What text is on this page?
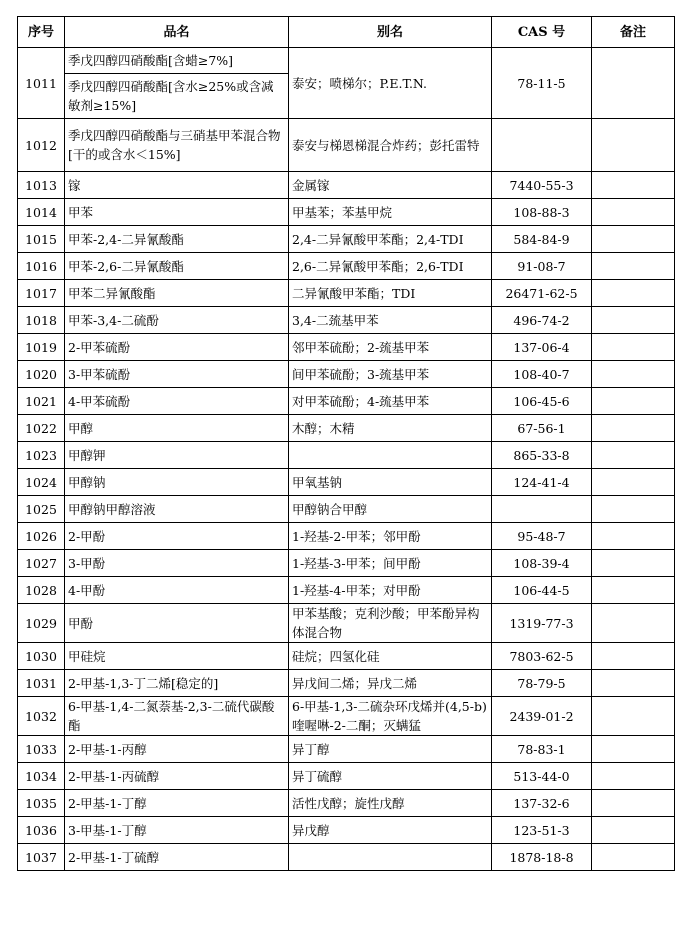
序号	品名	别名	CAS 号	备注
1011	季戊四醇四硝酸酯[含蜡≥7%]
季戊四醇四硝酸酯[含水≥25%或含减敏剂≥15%]	泰安；喷梯尔；P.E.T.N.	78-11-5	
1012	季戊四醇四硝酸酯与三硝基甲苯混合物[干的或含水＜15%]	泰安与梯恩梯混合炸药；彭托雷特		
1013	镓	金属镓	7440-55-3	
1014	甲苯	甲基苯；苯基甲烷	108-88-3	
1015	甲苯-2,4-二异氰酸酯	2,4-二异氰酸甲苯酯；2,4-TDI	584-84-9	
1016	甲苯-2,6-二异氰酸酯	2,6-二异氰酸甲苯酯；2,6-TDI	91-08-7	
1017	甲苯二异氰酸酯	二异氰酸甲苯酯；TDI	26471-62-5	
1018	甲苯-3,4-二硫酚	3,4-二巯基甲苯	496-74-2	
1019	2-甲苯硫酚	邻甲苯硫酚；2-巯基甲苯	137-06-4	
1020	3-甲苯硫酚	间甲苯硫酚；3-巯基甲苯	108-40-7	
1021	4-甲苯硫酚	对甲苯硫酚；4-巯基甲苯	106-45-6	
1022	甲醇	木醇；木精	67-56-1	
1023	甲醇钾		865-33-8	
1024	甲醇钠	甲氧基钠	124-41-4	
1025	甲醇钠甲醇溶液	甲醇钠合甲醇		
1026	2-甲酚	1-羟基-2-甲苯；邻甲酚	95-48-7	
1027	3-甲酚	1-羟基-3-甲苯；间甲酚	108-39-4	
1028	4-甲酚	1-羟基-4-甲苯；对甲酚	106-44-5	
1029	甲酚	甲苯基酸；克利沙酸；甲苯酚异构体混合物	1319-77-3	
1030	甲硅烷	硅烷；四氢化硅	7803-62-5	
1031	2-甲基-1,3-丁二烯[稳定的]	异戊间二烯；异戊二烯	78-79-5	
1032	6-甲基-1,4-二氮萘基-2,3-二硫代碳酸酯	6-甲基-1,3-二硫杂环戊烯并(4,5-b)喹喔啉-2-二酮；灭螨猛	2439-01-2	
1033	2-甲基-1-丙醇	异丁醇	78-83-1	
1034	2-甲基-1-丙硫醇	异丁硫醇	513-44-0	
1035	2-甲基-1-丁醇	活性戊醇；旋性戊醇	137-32-6	
1036	3-甲基-1-丁醇	异戊醇	123-51-3	
1037	2-甲基-1-丁硫醇		1878-18-8	
